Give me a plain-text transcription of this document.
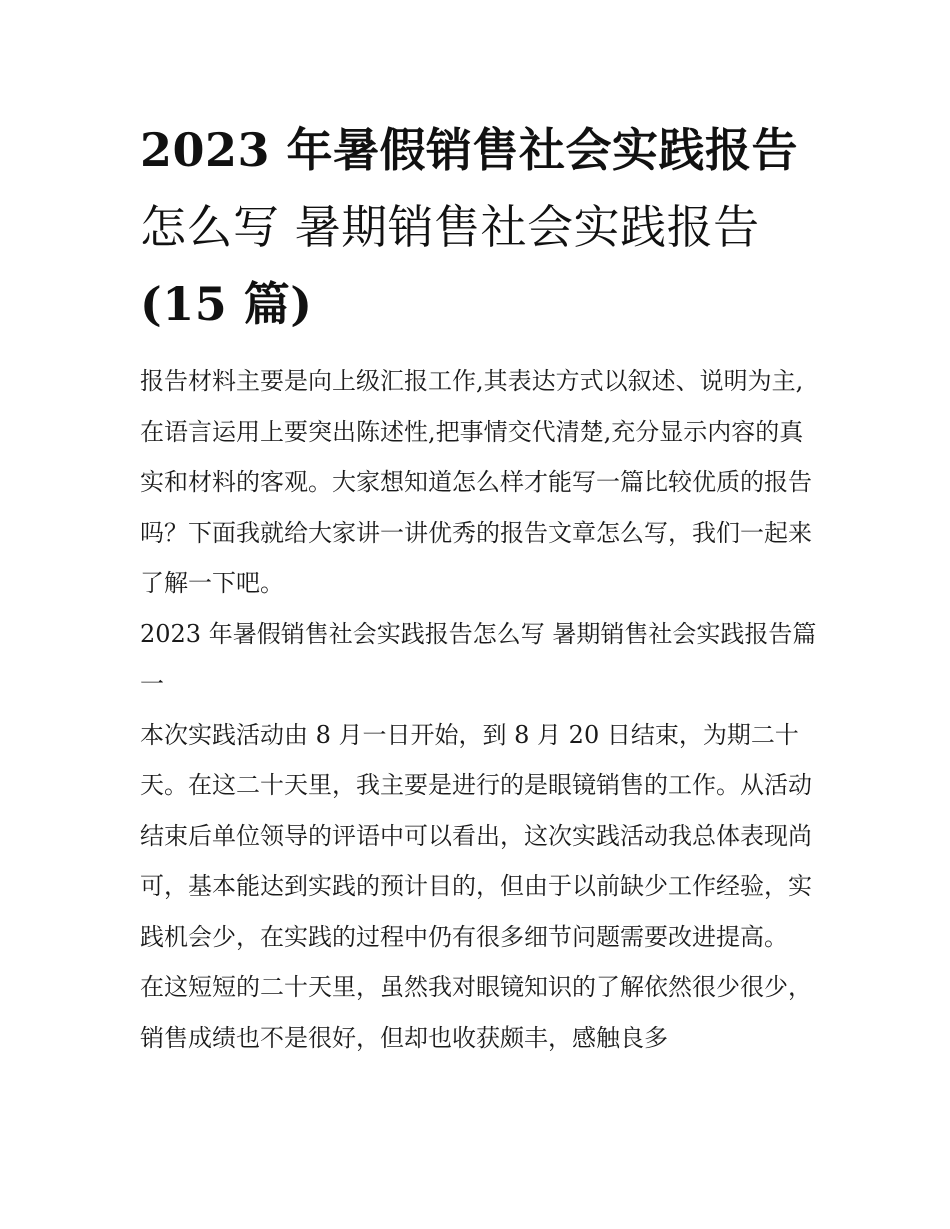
2023 年暑假销售社会实践报告
怎么写 暑期销售社会实践报告
(15 篇)

报告材料主要是向上级汇报工作,其表达方式以叙述、说明为主,在语言运用上要突出陈述性,把事情交代清楚,充分显示内容的真实和材料的客观。大家想知道怎么样才能写一篇比较优质的报告吗？下面我就给大家讲一讲优秀的报告文章怎么写，我们一起来了解一下吧。

2023 年暑假销售社会实践报告怎么写 暑期销售社会实践报告篇一

本次实践活动由 8 月一日开始，到 8 月 20 日结束，为期二十天。在这二十天里，我主要是进行的是眼镜销售的工作。从活动结束后单位领导的评语中可以看出，这次实践活动我总体表现尚可，基本能达到实践的预计目的，但由于以前缺少工作经验，实践机会少，在实践的过程中仍有很多细节问题需要改进提高。

在这短短的二十天里，虽然我对眼镜知识的了解依然很少很少，销售成绩也不是很好，但却也收获颇丰，感触良多
